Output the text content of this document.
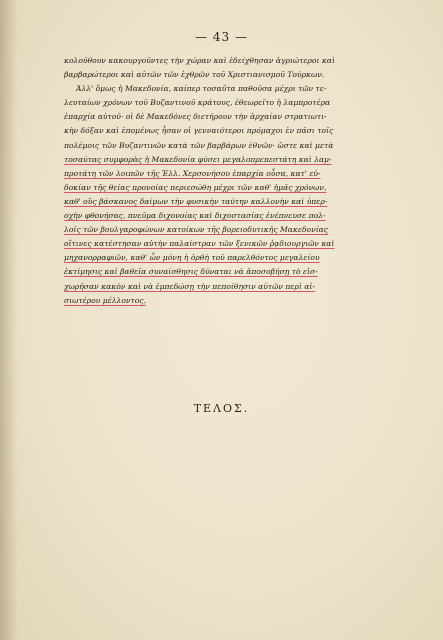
— 43 —
κολούθουν κακουργοῦντες τὴν χώραν καὶ ἐδείχθησαν ἀγριώτεροι καὶ
βαρβαρώτεροι καὶ αὐτῶν τῶν ἐχθρῶν τοῦ Χριστιανισμοῦ Τούρκων.
Ἀλλ' ὅμως ἡ Μακεδονία, καίπερ τοσαῦτα παθοῦσα μέχρι τῶν τε-
λευταίων χρόνων τοῦ Βυζαντινοῦ κράτους, ἐθεωρεῖτο ἡ λαμπροτέρα
ἐπαρχία αὐτοῦ· οἱ δὲ Μακεδόνες διετήρουν τὴν ἀρχαίαν στρατιωτι-
κὴν δόξαν καὶ ἐπομένως ἦσαν οἱ γενναιότεροι πρόμαχοι ἐν πᾶσι τοῖς
πολέμοις τῶν Βυζαντινῶν κατὰ τῶν βαρβάρων ἐθνῶν· ὥστε καὶ μετὰ
τοσαύτας συμφορὰς ἡ Μακεδονία φύσει μεγαλοπρεπεστάτη καὶ λαμ-
προτάτη τῶν λοιπῶν τῆς Ἑλλ. Χερσονήσου ἐπαρχία οὖσα, κατ' εὐ-
δοκίαν τῆς θείας προνοίας περιεσώθη μέχρι τῶν καθ' ἡμᾶς χρόνων,
καθ' οὓς βάσκανος δαίμων τὴν φυσικὴν ταύτην καλλονὴν καὶ ὑπερ-
οχὴν φθονήσας, πνεῦμα διχονοίας καὶ διχοστασίας ἐνέπνευσε πολ-
λοῖς τῶν βουλγαροφώνων κατοίκων τῆς βορειοδυτικῆς Μακεδονίας
οἵτινες κατέστησαν αὐτὴν παλαίστραν τῶν ξενικῶν ῥᾳδιουργιῶν καὶ
μηχανορραφιῶν, καθ' ὧν μόνη ἡ ὀρθὴ τοῦ παρελθόντος μεγαλείου
ἐκτίμησις καὶ βαθεῖα συναίσθησις δύναται νὰ ἀποσοβήσῃ τὸ εἰσ-
χωρῆσαν κακὸν καὶ νὰ ἐμπεδώσῃ τὴν πεποίθησιν αὐτῶν περὶ αἰ-
σιωτέρου μέλλοντος.
ΤΕΛΟΣ.
